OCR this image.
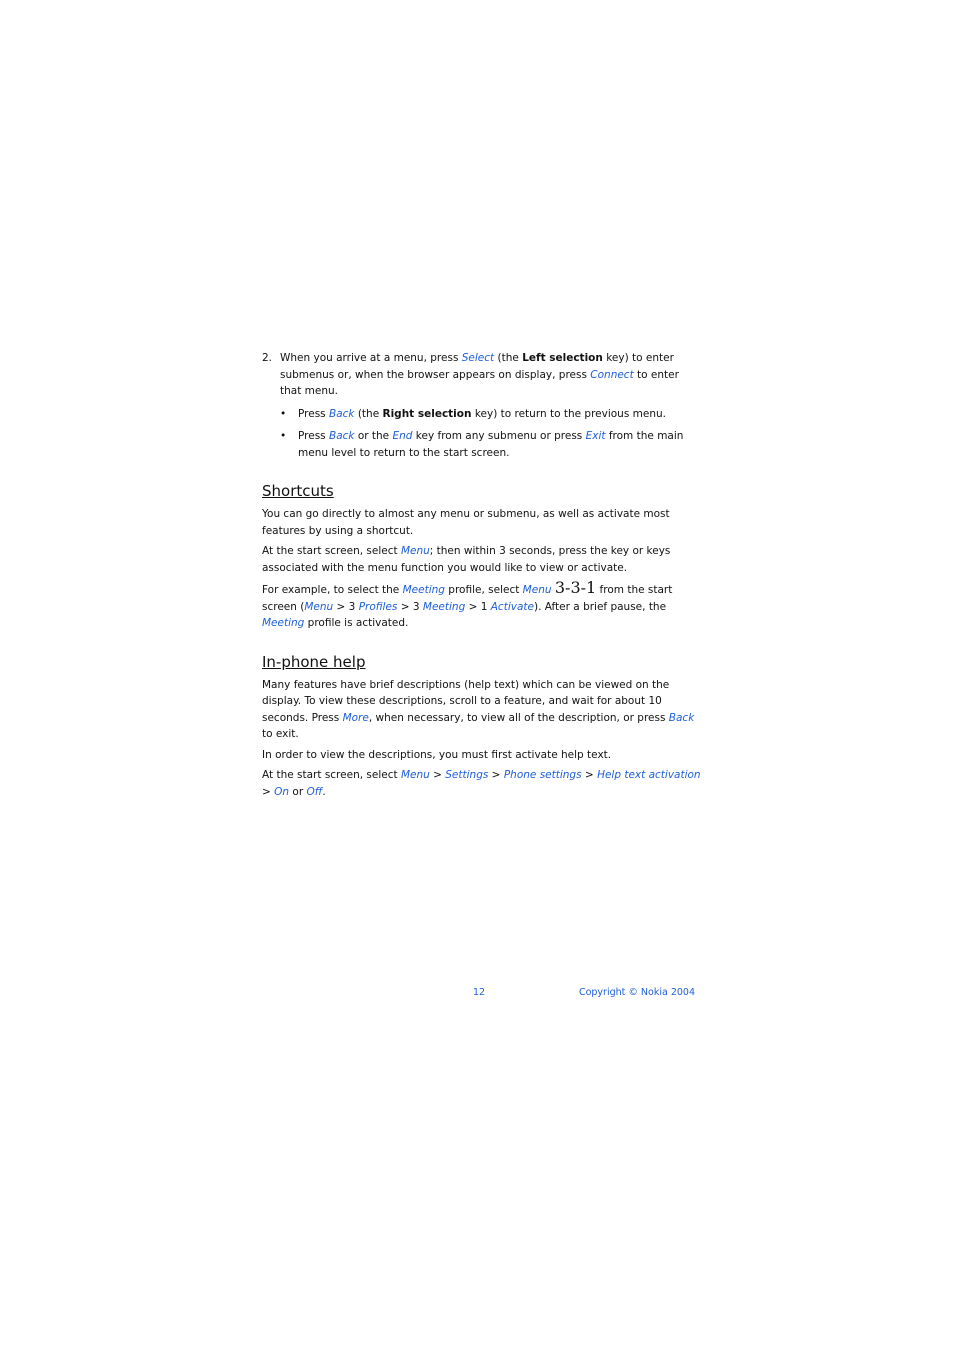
2. When you arrive at a menu, press Select (the Left selection key) to enter submenus or, when the browser appears on display, press Connect to enter that menu.
• Press Back (the Right selection key) to return to the previous menu.
• Press Back or the End key from any submenu or press Exit from the main menu level to return to the start screen.
Shortcuts

You can go directly to almost any menu or submenu, as well as activate most features by using a shortcut.

At the start screen, select Menu; then within 3 seconds, press the key or keys associated with the menu function you would like to view or activate.

For example, to select the Meeting profile, select Menu 3-3-1 from the start screen (Menu > 3 Profiles > 3 Meeting > 1 Activate). After a brief pause, the Meeting profile is activated.

In-phone help

Many features have brief descriptions (help text) which can be viewed on the display. To view these descriptions, scroll to a feature, and wait for about 10 seconds. Press More, when necessary, to view all of the description, or press Back to exit.

In order to view the descriptions, you must first activate help text.

At the start screen, select Menu > Settings > Phone settings > Help text activation > On or Off.

12	Copyright © Nokia 2004
